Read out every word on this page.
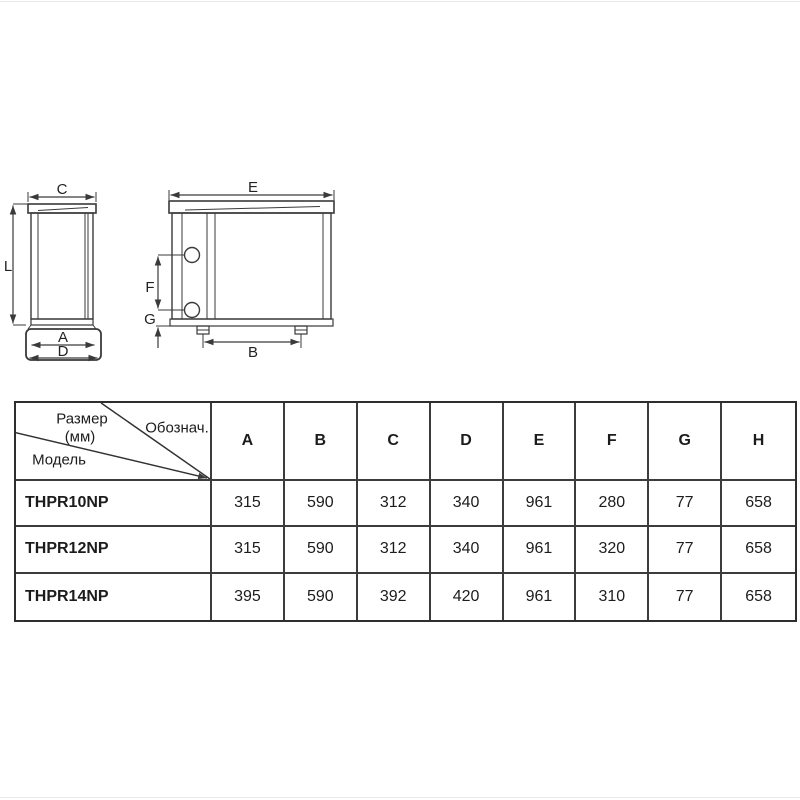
C
L
A
D
E
F
G
B
Размер
(мм)
Обознач.
Модель
A	B	C	D	E	F	G	H
THPR10NP	315	590	312	340	961	280	77	658
THPR12NP	315	590	312	340	961	320	77	658
THPR14NP	395	590	392	420	961	310	77	658
